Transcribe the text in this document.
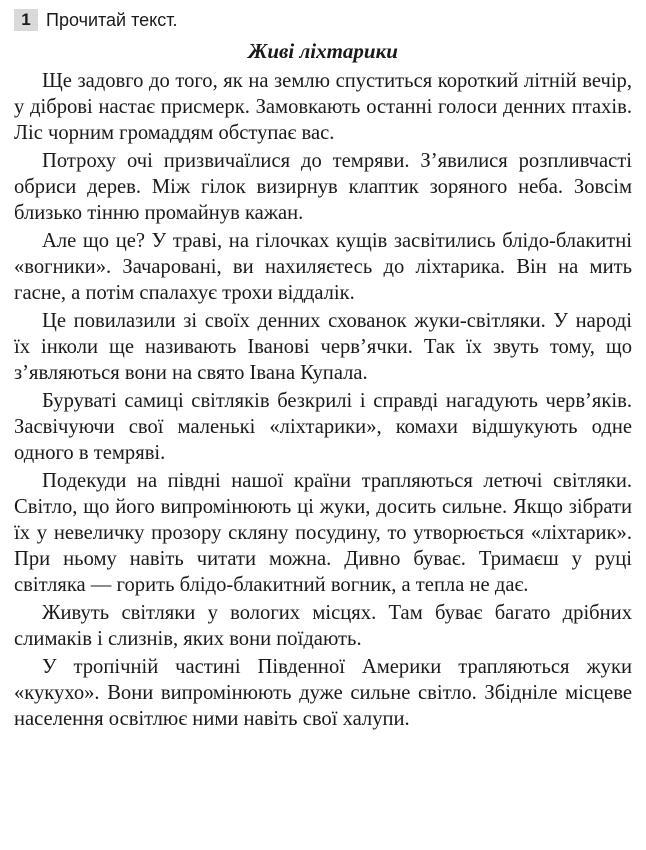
1 Прочитай текст.
Живі ліхтарики

Ще задовго до того, як на землю спуститься короткий літній вечір, у діброві настає присмерк. Замовкають останні голоси денних птахів. Ліс чорним громаддям обступає вас.

Потроху очі призвичаїлися до темряви. З’явилися розпливчасті обриси дерев. Між гілок визирнув клаптик зоряного неба. Зовсім близько тінню промайнув кажан.

Але що це? У траві, на гілочках кущів засвітились блідо-блакитні «вогники». Зачаровані, ви нахиляєтесь до ліхтарика. Він на мить гасне, а потім спалахує трохи віддалік.

Це повилазили зі своїх денних схованок жуки-світляки. У народі їх інколи ще називають Іванові черв’ячки. Так їх звуть тому, що з’являються вони на свято Івана Купала.

Буруваті самиці світляків безкрилі і справді нагадують черв’яків. Засвічуючи свої маленькі «ліхтарики», комахи відшукують одне одного в темряві.

Подекуди на півдні нашої країни трапляються летючі світляки. Світло, що його випромінюють ці жуки, досить сильне. Якщо зібрати їх у невеличку прозору скляну посудину, то утворюється «ліхтарик». При ньому навіть читати можна. Дивно буває. Тримаєш у руці світляка — горить блідо-блакитний вогник, а тепла не дає.

Живуть світляки у вологих місцях. Там буває багато дрібних слимаків і слизнів, яких вони поїдають.

У тропічній частині Південної Америки трапляються жуки «кукухо». Вони випромінюють дуже сильне світло. Збідніле місцеве населення освітлює ними навіть свої халупи.
